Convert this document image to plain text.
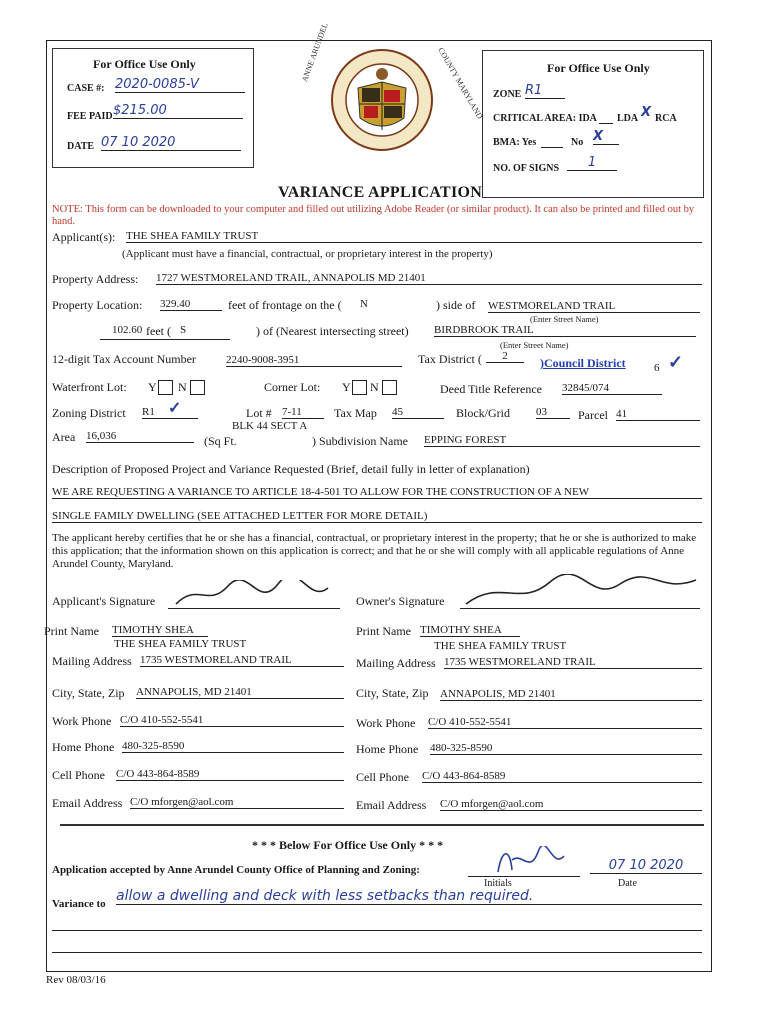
For Office Use Only
CASE #: 2020-0085-V
FEE PAID $215.00
DATE 07 10 2020
ANNE ARUNDEL	COUNTY MARYLAND	For Office Use Only
ZONE R1
CRITICAL AREA: IDA LDA X RCA
BMA: Yes	No X
NO. OF SIGNS	1
VARIANCE APPLICATION
NOTE: This form can be downloaded to your computer and filled out utilizing Adobe Reader (or similar product). It can also be printed and filled out by hand.
Applicant(s): THE SHEA FAMILY TRUST
(Applicant must have a financial, contractual, or proprietary interest in the property)
Property Address: 1727 WESTMORELAND TRAIL, ANNAPOLIS MD 21401
Property Location: 329.40	feet of frontage on the ( N	) side of WESTMORELAND TRAIL
(Enter Street Name)
102.60 feet ( S	) of (Nearest intersecting street) BIRDBROOK TRAIL
(Enter Street Name)
12-digit Tax Account Number	2240-9008-3951	Tax District (	2	)Council District	6 ✓
Waterfront Lot: Y N	Corner Lot: Y N	Deed Title Reference 32845/074
Zoning District R1 ✓	Lot # 7-11
BLK 44 SECT A
Tax Map 45	Block/Grid 03	Parcel 41
Area 16,036	(Sq Ft.	) Subdivision Name EPPING FOREST
Description of Proposed Project and Variance Requested (Brief, detail fully in letter of explanation)
WE ARE REQUESTING A VARIANCE TO ARTICLE 18-4-501 TO ALLOW FOR THE CONSTRUCTION OF A NEW
SINGLE FAMILY DWELLING (SEE ATTACHED LETTER FOR MORE DETAIL)
The applicant hereby certifies that he or she has a financial, contractual, or proprietary interest in the property; that he or she is authorized to make this application; that the information shown on this application is correct; and that he or she will comply with all applicable regulations of Anne Arundel County, Maryland.
Applicant's Signature	Owner's Signature
Print Name TIMOTHY SHEA
THE SHEA FAMILY TRUST
Print Name TIMOTHY SHEA
THE SHEA FAMILY TRUST
Mailing Address 1735 WESTMORELAND TRAIL	Mailing Address 1735 WESTMORELAND TRAIL
City, State, Zip ANNAPOLIS, MD 21401	City, State, Zip ANNAPOLIS, MD 21401
Work Phone C/O 410-552-5541	Work Phone C/O 410-552-5541
Home Phone 480-325-8590	Home Phone 480-325-8590
Cell Phone C/O 443-864-8589	Cell Phone C/O 443-864-8589
Email Address C/O mforgen@aol.com	Email Address C/O mforgen@aol.com
* * * Below For Office Use Only * * *
Application accepted by Anne Arundel County Office of Planning and Zoning:	07 10 2020
Initials	Date
Variance to allow a dwelling and deck with less setbacks than required.
Rev 08/03/16
